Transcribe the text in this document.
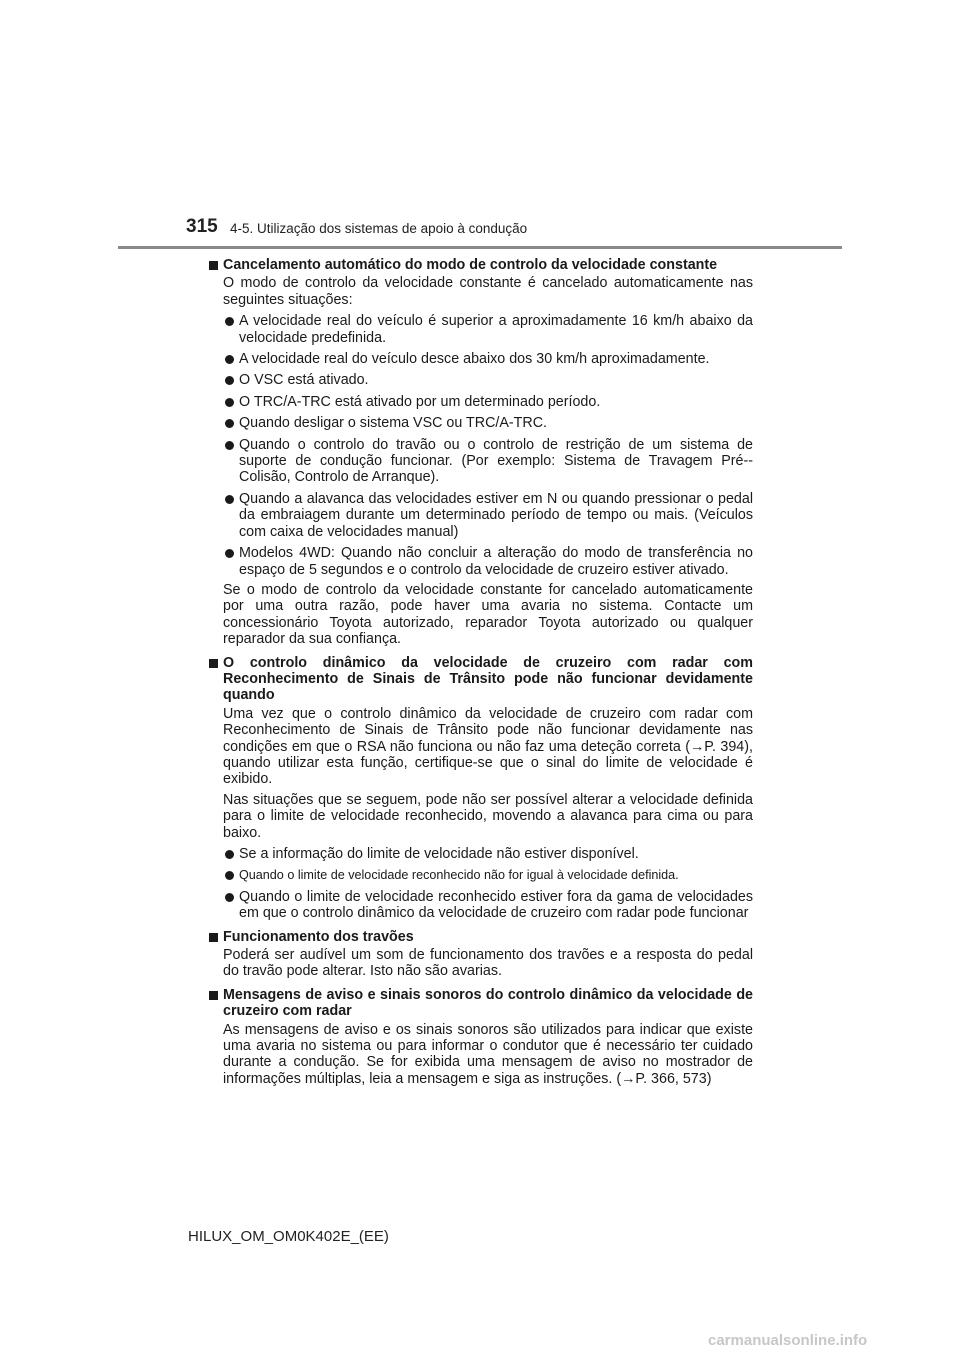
315 4-5. Utilização dos sistemas de apoio à condução
Cancelamento automático do modo de controlo da velocidade constante
O modo de controlo da velocidade constante é cancelado automaticamente nas seguintes situações:
A velocidade real do veículo é superior a aproximadamente 16 km/h abaixo da velocidade predefinida.
A velocidade real do veículo desce abaixo dos 30 km/h aproximadamente.
O VSC está ativado.
O TRC/A-TRC está ativado por um determinado período.
Quando desligar o sistema VSC ou TRC/A-TRC.
Quando o controlo do travão ou o controlo de restrição de um sistema de suporte de condução funcionar. (Por exemplo: Sistema de Travagem Pré--Colisão, Controlo de Arranque).
Quando a alavanca das velocidades estiver em N ou quando pressionar o pedal da embraiagem durante um determinado período de tempo ou mais. (Veículos com caixa de velocidades manual)
Modelos 4WD: Quando não concluir a alteração do modo de transferência no espaço de 5 segundos e o controlo da velocidade de cruzeiro estiver ativado.
Se o modo de controlo da velocidade constante for cancelado automaticamente por uma outra razão, pode haver uma avaria no sistema. Contacte um concessionário Toyota autorizado, reparador Toyota autorizado ou qualquer reparador da sua confiança.
O controlo dinâmico da velocidade de cruzeiro com radar com Reconhecimento de Sinais de Trânsito pode não funcionar devidamente quando
Uma vez que o controlo dinâmico da velocidade de cruzeiro com radar com Reconhecimento de Sinais de Trânsito pode não funcionar devidamente nas condições em que o RSA não funciona ou não faz uma deteção correta (→P. 394), quando utilizar esta função, certifique-se que o sinal do limite de velocidade é exibido.
Nas situações que se seguem, pode não ser possível alterar a velocidade definida para o limite de velocidade reconhecido, movendo a alavanca para cima ou para baixo.
Se a informação do limite de velocidade não estiver disponível.
Quando o limite de velocidade reconhecido não for igual à velocidade definida.
Quando o limite de velocidade reconhecido estiver fora da gama de velocidades em que o controlo dinâmico da velocidade de cruzeiro com radar pode funcionar
Funcionamento dos travões
Poderá ser audível um som de funcionamento dos travões e a resposta do pedal do travão pode alterar. Isto não são avarias.
Mensagens de aviso e sinais sonoros do controlo dinâmico da velocidade de cruzeiro com radar
As mensagens de aviso e os sinais sonoros são utilizados para indicar que existe uma avaria no sistema ou para informar o condutor que é necessário ter cuidado durante a condução. Se for exibida uma mensagem de aviso no mostrador de informações múltiplas, leia a mensagem e siga as instruções. (→P. 366, 573)
HILUX_OM_OM0K402E_(EE)
carmanualsonline.info
